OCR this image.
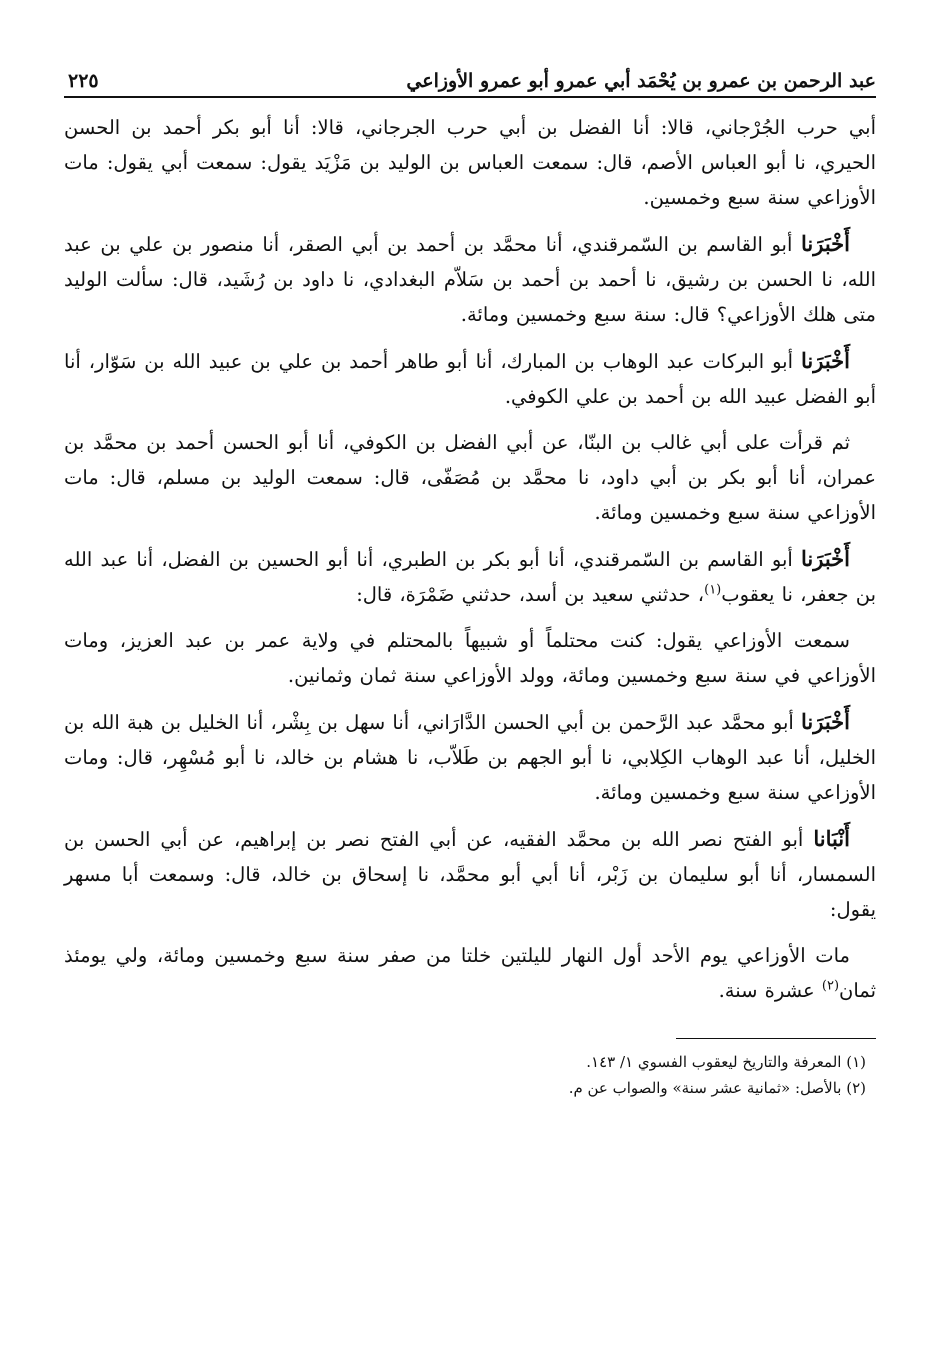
عبد الرحمن بن عمرو بن يُحْمَد أبي عمرو أبو عمرو الأوزاعي
٢٢٥

أبي حرب الجُرْجاني، قالا: أنا الفضل بن أبي حرب الجرجاني، قالا: أنا أبو بكر أحمد بن الحسن الحيري، نا أبو العباس الأصم، قال: سمعت العباس بن الوليد بن مَزْيَد يقول: سمعت أبي يقول: مات الأوزاعي سنة سبع وخمسين.

أَخْبَرَنا أبو القاسم بن السّمرقندي، أنا محمَّد بن أحمد بن أبي الصقر، أنا منصور بن علي بن عبد الله، نا الحسن بن رشيق، نا أحمد بن أحمد بن سَلاّم البغدادي، نا داود بن رُشَيد، قال: سألت الوليد متى هلك الأوزاعي؟ قال: سنة سبع وخمسين ومائة.

أَخْبَرَنا أبو البركات عبد الوهاب بن المبارك، أنا أبو طاهر أحمد بن علي بن عبيد الله بن سَوّار، أنا أبو الفضل عبيد الله بن أحمد بن علي الكوفي.

ثم قرأت على أبي غالب بن البنّا، عن أبي الفضل بن الكوفي، أنا أبو الحسن أحمد بن محمَّد بن عمران، أنا أبو بكر بن أبي داود، نا محمَّد بن مُصَفّى، قال: سمعت الوليد بن مسلم، قال: مات الأوزاعي سنة سبع وخمسين ومائة.

أَخْبَرَنا أبو القاسم بن السّمرقندي، أنا أبو بكر بن الطبري، أنا أبو الحسين بن الفضل، أنا عبد الله بن جعفر، نا يعقوب$^{(١)}$، حدثني سعيد بن أسد، حدثني ضَمْرَة، قال:

سمعت الأوزاعي يقول: كنت محتلماً أو شبيهاً بالمحتلم في ولاية عمر بن عبد العزيز، ومات الأوزاعي في سنة سبع وخمسين ومائة، وولد الأوزاعي سنة ثمان وثمانين.

أَخْبَرَنا أبو محمَّد عبد الرَّحمن بن أبي الحسن الدَّارَاني، أنا سهل بن بِشْر، أنا الخليل بن هبة الله بن الخليل، أنا عبد الوهاب الكِلابي، نا أبو الجهم بن طَلاّب، نا هشام بن خالد، نا أبو مُسْهِر، قال: ومات الأوزاعي سنة سبع وخمسين ومائة.

أَنْبَانا أبو الفتح نصر الله بن محمَّد الفقيه، عن أبي الفتح نصر بن إبراهيم، عن أبي الحسن بن السمسار، أنا أبو سليمان بن زَبْر، أنا أبي أبو محمَّد، نا إسحاق بن خالد، قال: وسمعت أبا مسهر يقول:

مات الأوزاعي يوم الأحد أول النهار لليلتين خلتا من صفر سنة سبع وخمسين ومائة، ولي يومئذ ثمان$^{(٢)}$ عشرة سنة.

(١) المعرفة والتاريخ ليعقوب الفسوي ١/ ١٤٣.

(٢) بالأصل: «ثمانية عشر سنة» والصواب عن م.
